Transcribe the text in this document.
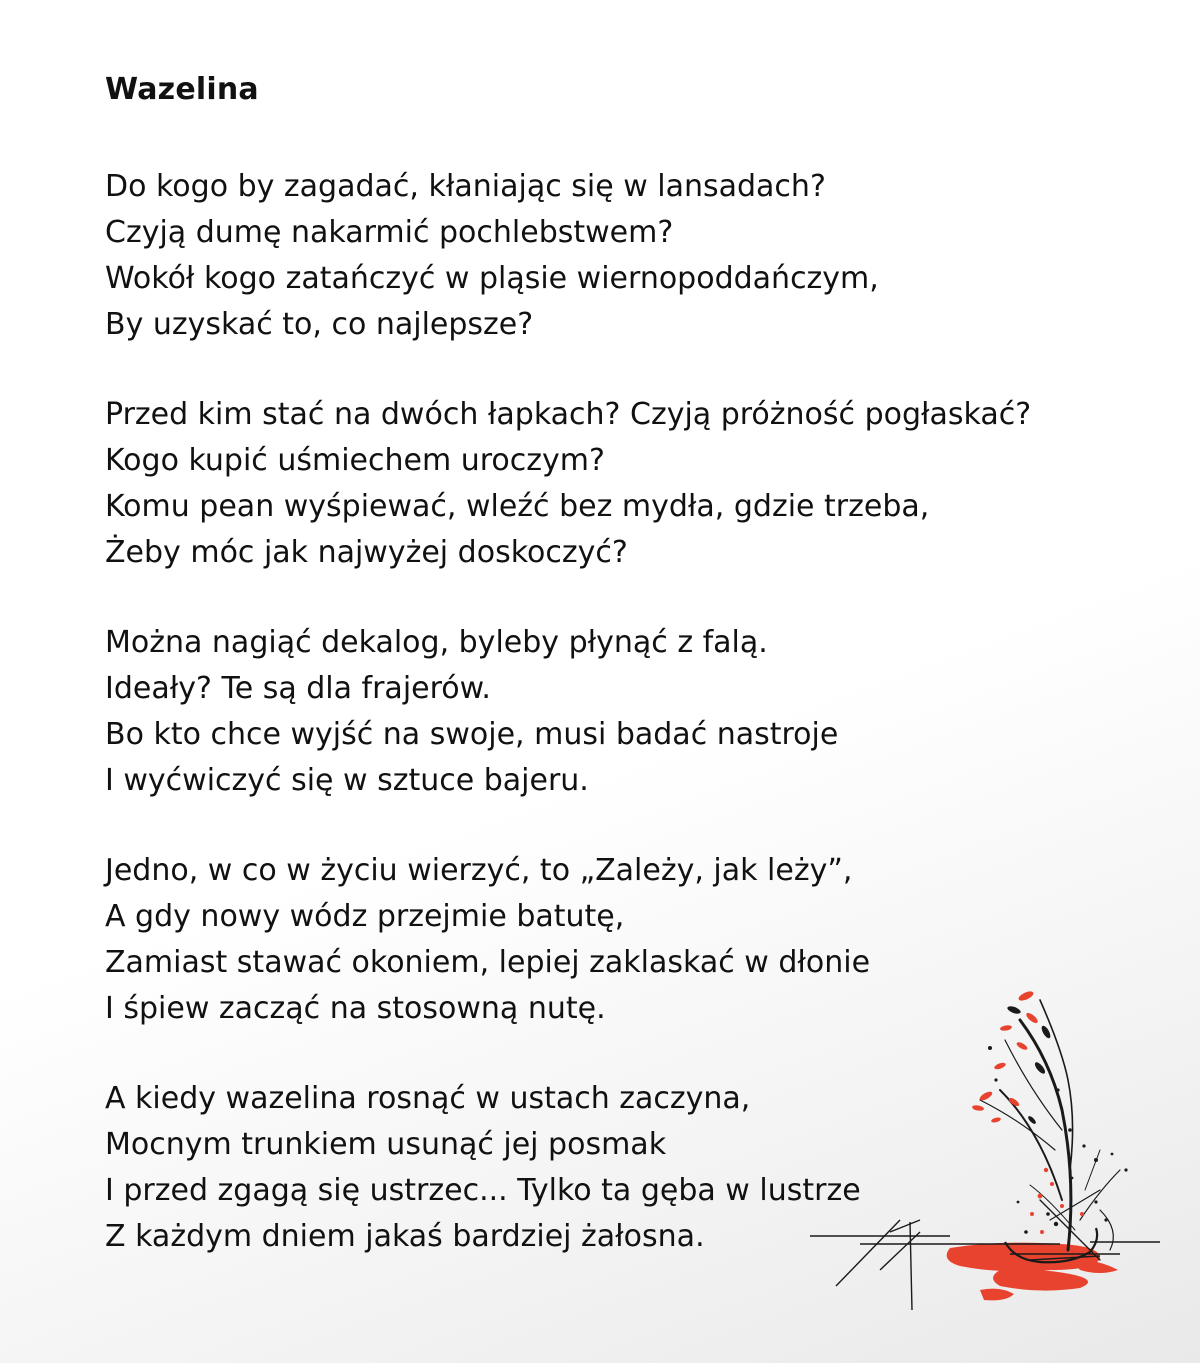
Wazelina
Do kogo by zagadać, kłaniając się w lansadach?
Czyją dumę nakarmić pochlebstwem?
Wokół kogo zatańczyć w pląsie wiernopoddańczym,
By uzyskać to, co najlepsze?
Przed kim stać na dwóch łapkach? Czyją próżność pogłaskać?
Kogo kupić uśmiechem uroczym?
Komu pean wyśpiewać, wleźć bez mydła, gdzie trzeba,
Żeby móc jak najwyżej doskoczyć?
Można nagiąć dekalog, byleby płynąć z falą.
Ideały? Te są dla frajerów.
Bo kto chce wyjść na swoje, musi badać nastroje
I wyćwiczyć się w sztuce bajeru.
Jedno, w co w życiu wierzyć, to „Zależy, jak leży”,
A gdy nowy wódz przejmie batutę,
Zamiast stawać okoniem, lepiej zaklaskać w dłonie
I śpiew zacząć na stosowną nutę.
A kiedy wazelina rosnąć w ustach zaczyna,
Mocnym trunkiem usunąć jej posmak
I przed zgagą się ustrzec... Tylko ta gęba w lustrze
Z każdym dniem jakaś bardziej żałosna.
